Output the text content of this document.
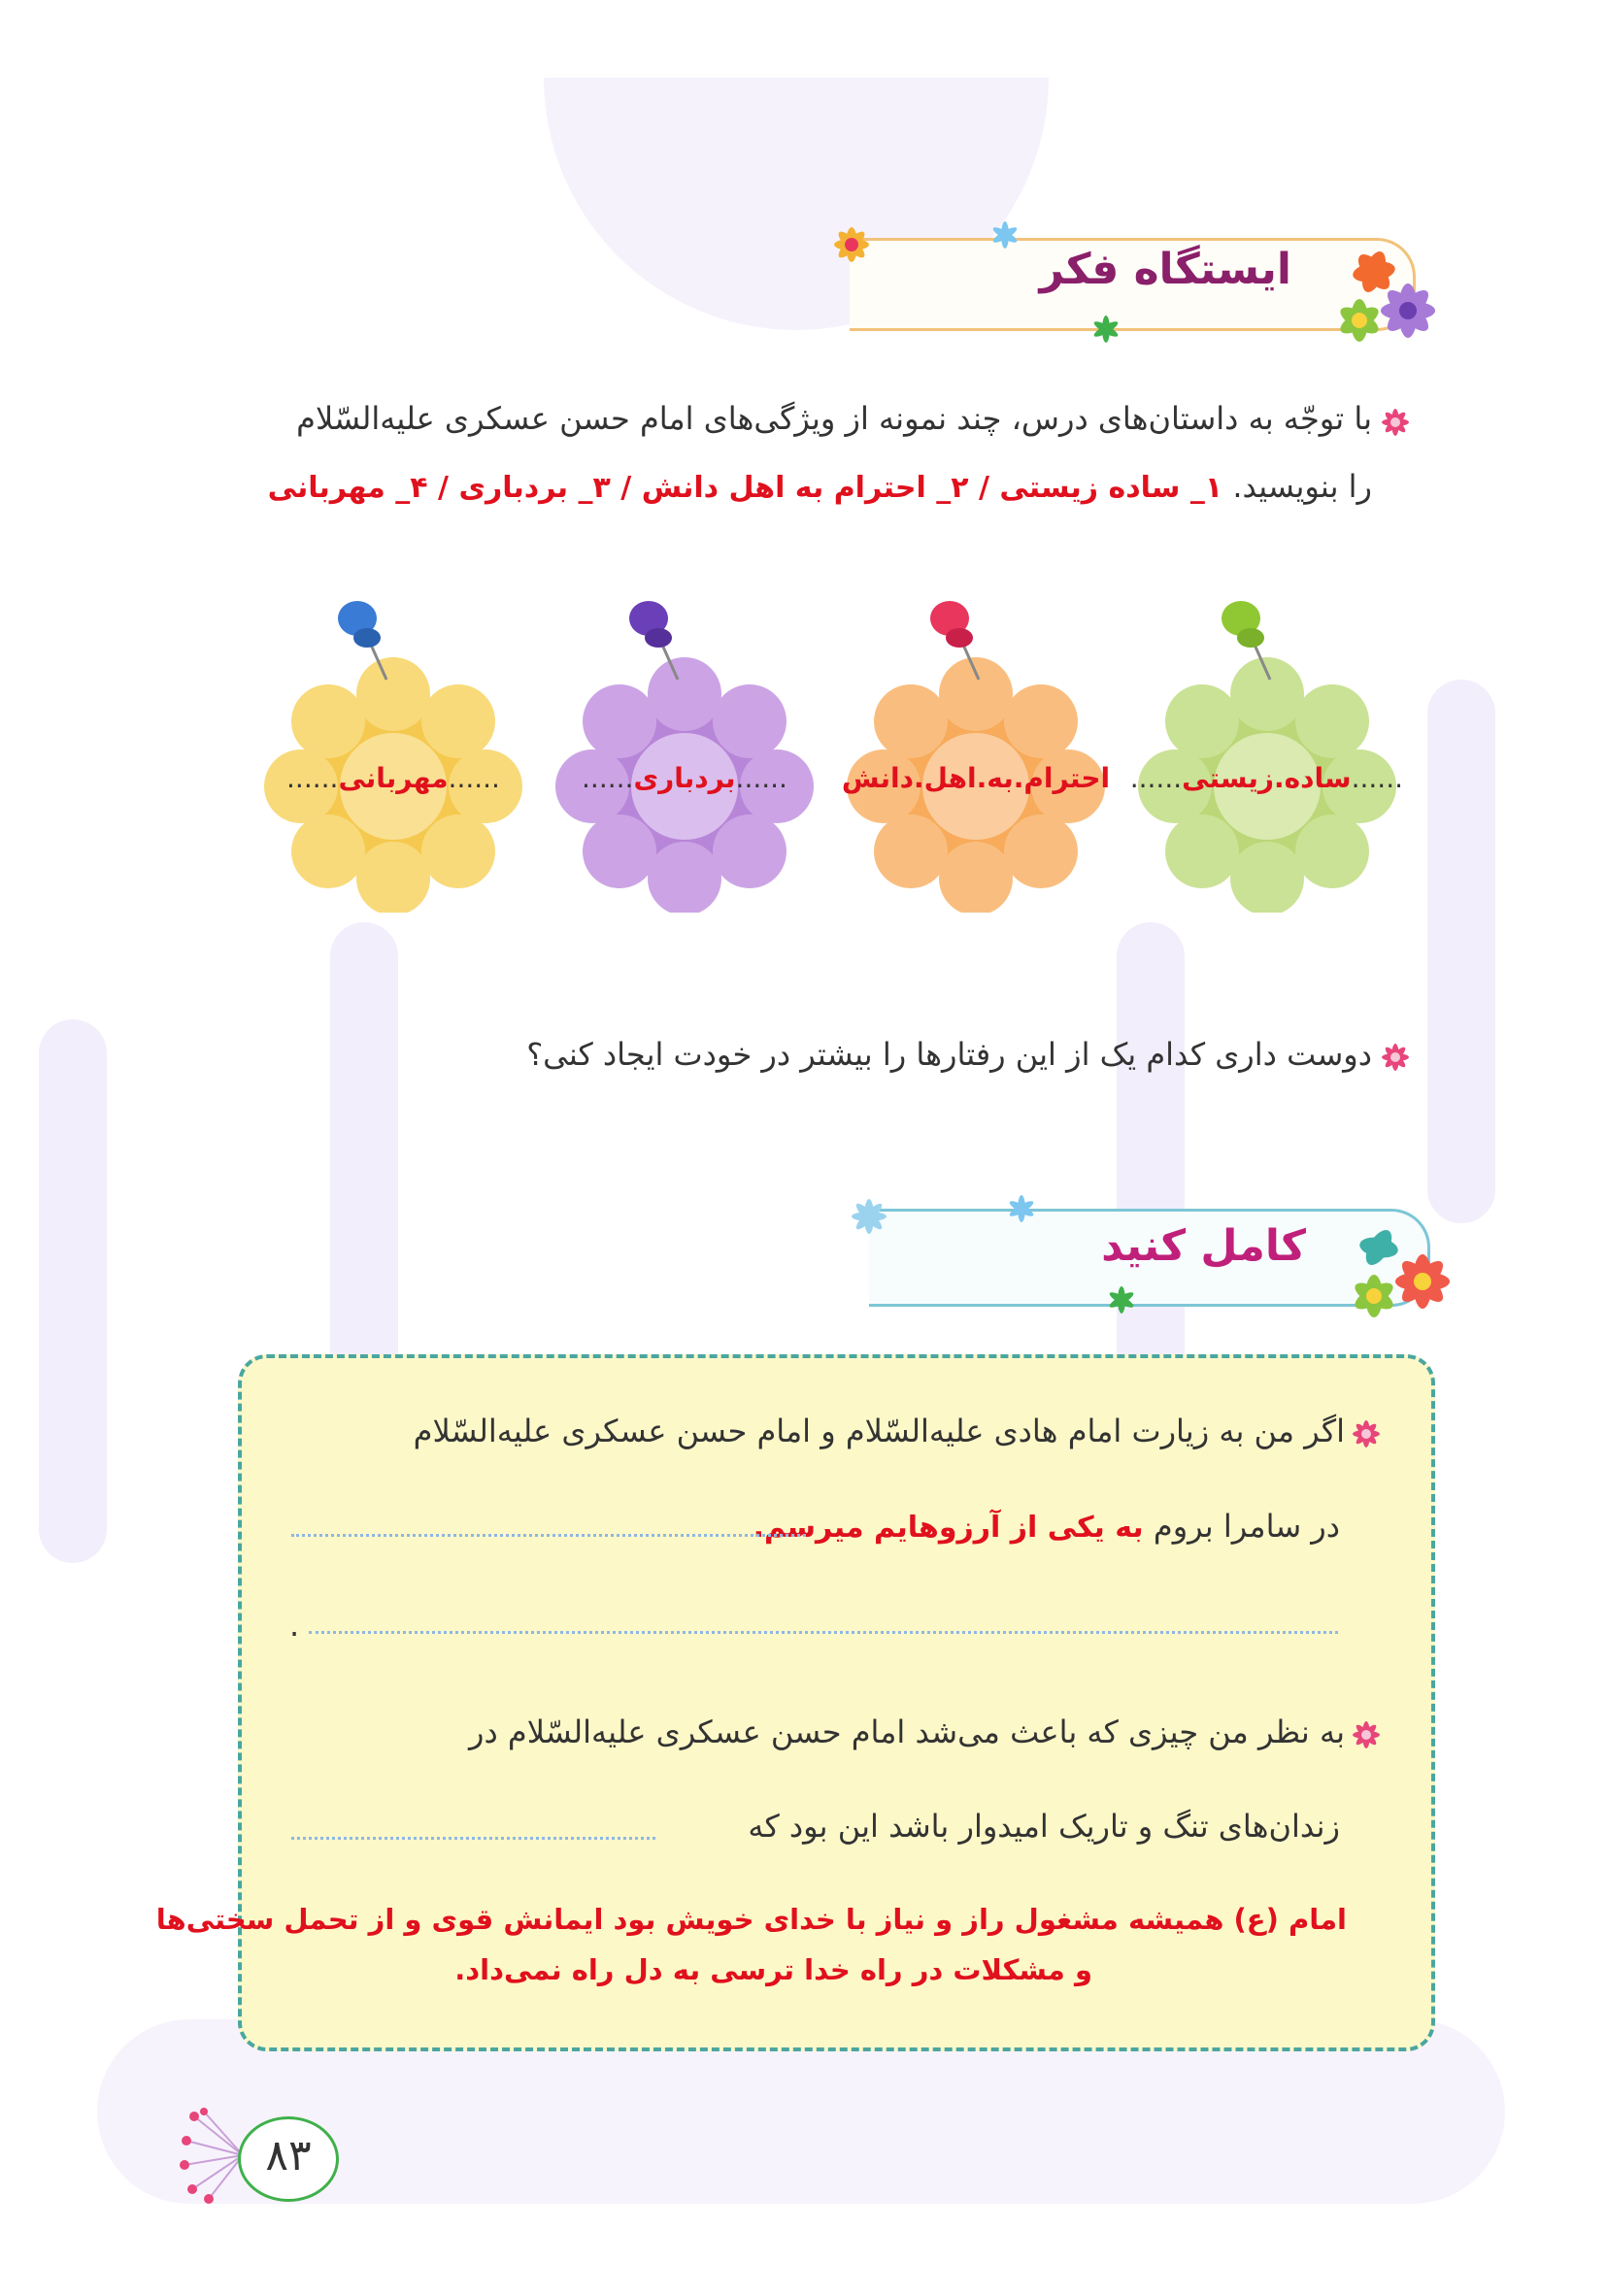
ایستگاه فکر
با توجّه به داستان‌های درس، چند نمونه از ویژگی‌های امام حسن عسکری علیه‌السّلام
را بنویسید. ۱_ ساده زیستی / ۲_ احترام به اهل دانش / ۳_ بردباری / ۴_ مهربانی
......ساده.زیستی......
احترام.به.اهل.دانش
......بردباری......
......مهربانی......
دوست داری کدام یک از این رفتارها را بیشتر در خودت ایجاد کنی؟
کامل کنید
اگر من به زیارت امام هادی علیه‌السّلام و امام حسن عسکری علیه‌السّلام
در سامرا بروم به یکی از آرزوهایم میرسم.
.
به نظر من چیزی که باعث می‌شد امام حسن عسکری علیه‌السّلام در
زندان‌های تنگ و تاریک امیدوار باشد این بود که
امام (ع) همیشه مشغول راز و نیاز با خدای خویش بود ایمانش قوی و از تحمل سختی‌ها
و مشکلات در راه خدا ترسی به دل راه نمی‌داد.
۸۳
